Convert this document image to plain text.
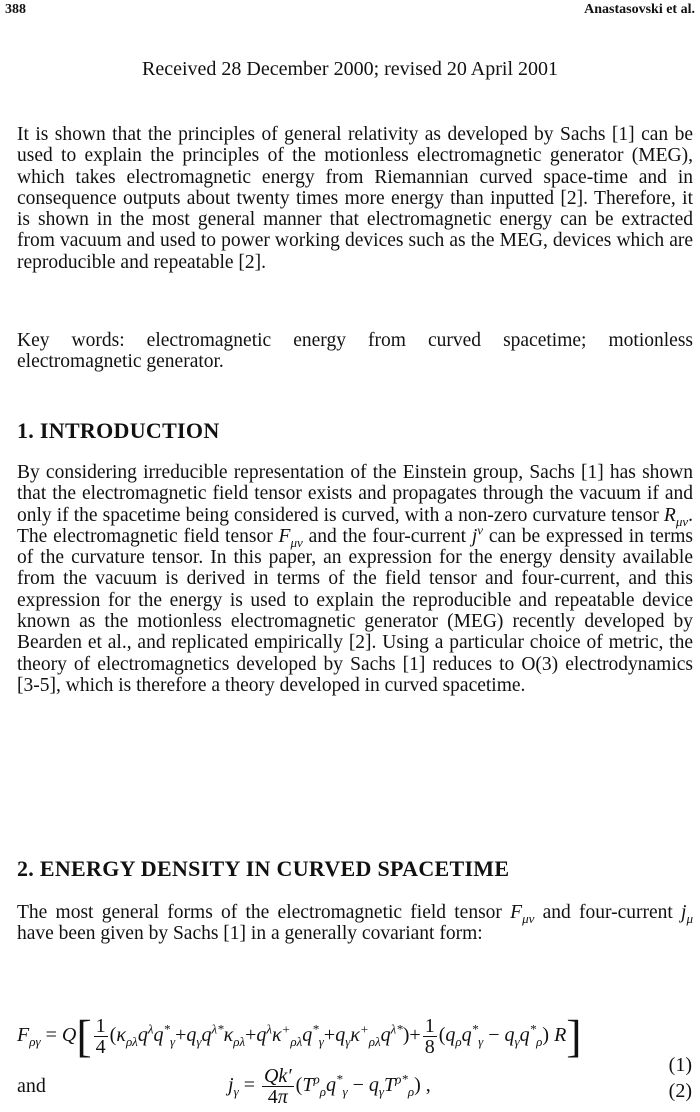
388	Anastasovski et al.
Received 28 December 2000; revised 20 April 2001

It is shown that the principles of general relativity as developed by Sachs [1] can be used to explain the principles of the motionless electromagnetic generator (MEG), which takes electromagnetic energy from Riemannian curved space-time and in consequence outputs about twenty times more energy than inputted [2]. Therefore, it is shown in the most general manner that electromagnetic energy can be extracted from vacuum and used to power working devices such as the MEG, devices which are reproducible and repeatable [2].

Key words: electromagnetic energy from curved spacetime; motionless electromagnetic generator.

1. INTRODUCTION

By considering irreducible representation of the Einstein group, Sachs [1] has shown that the electromagnetic field tensor exists and propagates through the vacuum if and only if the spacetime being considered is curved, with a non-zero curvature tensor $R_{\mu\nu}$. The electromagnetic field tensor $F_{\mu\nu}$ and the four-current $j^\nu$ can be expressed in terms of the curvature tensor. In this paper, an expression for the energy density available from the vacuum is derived in terms of the field tensor and four-current, and this expression for the energy is used to explain the reproducible and repeatable device known as the motionless electromagnetic generator (MEG) recently developed by Bearden et al., and replicated empirically [2]. Using a particular choice of metric, the theory of electromagnetics developed by Sachs [1] reduces to O(3) electrodynamics [3-5], which is therefore a theory developed in curved spacetime.

2. ENERGY DENSITY IN CURVED SPACETIME

The most general forms of the electromagnetic field tensor $F_{\mu\nu}$ and four-current $j_\mu$ have been given by Sachs [1] in a generally covariant form:

$F_{\rho\gamma} = Q[ \frac{1}{4} (\kappa_{\rho\lambda}q^\lambda q^*_\gamma+q_\gamma q^{\lambda*}\kappa_{\rho\lambda}+q^\lambda\kappa^+_{\rho\lambda}q^*_\gamma+q_\gamma\kappa^+_{\rho\lambda}q^{\lambda*})+ \frac{1}{8} (q_\rho q^*_\gamma - q_\gamma q^*_\rho)$ R]
(1)
and	$j_\gamma = \frac{Qk'}{4\pi} (T^\rho_\rho q^*_\gamma - q_\gamma T^{\rho*}_\rho)$ ,	(2)
